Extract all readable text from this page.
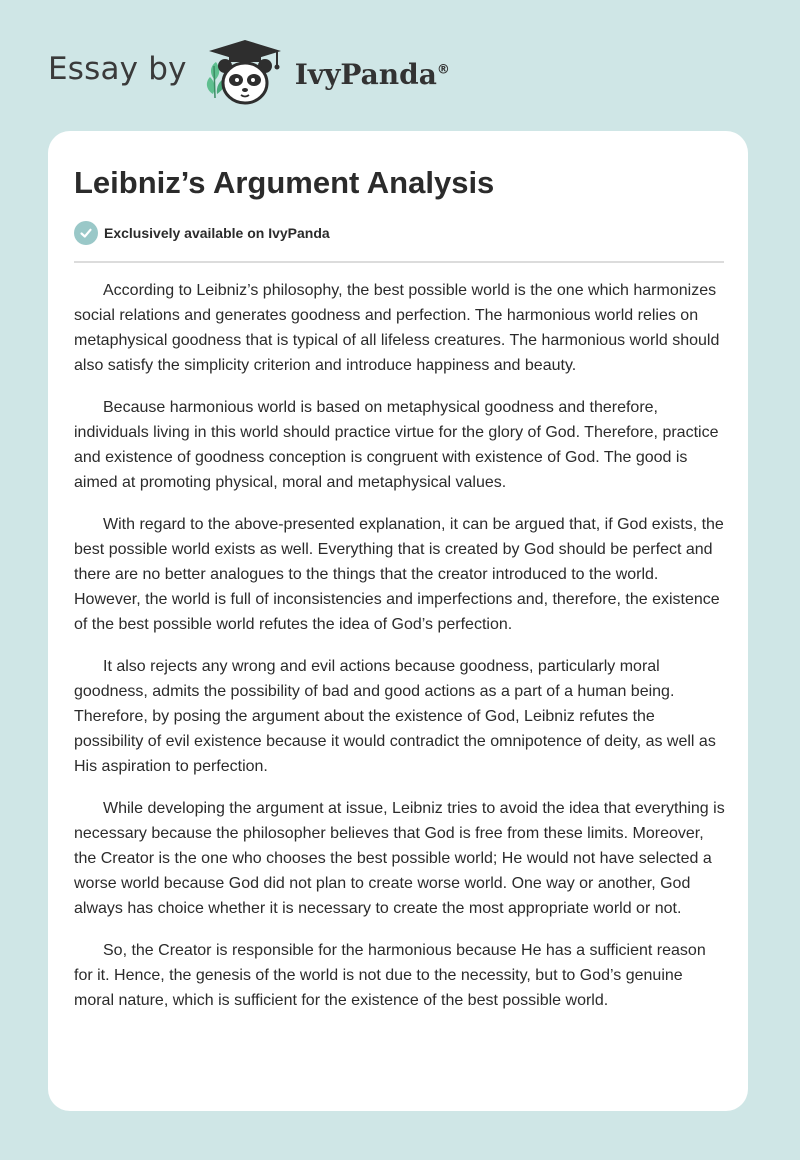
Essay by	IvyPanda®
Leibniz’s Argument Analysis
Exclusively available on IvyPanda

According to Leibniz’s philosophy, the best possible world is the one which harmonizes social relations and generates goodness and perfection. The harmonious world relies on metaphysical goodness that is typical of all lifeless creatures. The harmonious world should also satisfy the simplicity criterion and introduce happiness and beauty.

Because harmonious world is based on metaphysical goodness and therefore, individuals living in this world should practice virtue for the glory of God. Therefore, practice and existence of goodness conception is congruent with existence of God. The good is aimed at promoting physical, moral and metaphysical values.

With regard to the above-presented explanation, it can be argued that, if God exists, the best possible world exists as well. Everything that is created by God should be perfect and there are no better analogues to the things that the creator introduced to the world. However, the world is full of inconsistencies and imperfections and, therefore, the existence of the best possible world refutes the idea of God’s perfection.

It also rejects any wrong and evil actions because goodness, particularly moral goodness, admits the possibility of bad and good actions as a part of a human being. Therefore, by posing the argument about the existence of God, Leibniz refutes the possibility of evil existence because it would contradict the omnipotence of deity, as well as His aspiration to perfection.

While developing the argument at issue, Leibniz tries to avoid the idea that everything is necessary because the philosopher believes that God is free from these limits. Moreover, the Creator is the one who chooses the best possible world; He would not have selected a worse world because God did not plan to create worse world. One way or another, God always has choice whether it is necessary to create the most appropriate world or not.

So, the Creator is responsible for the harmonious because He has a sufficient reason for it. Hence, the genesis of the world is not due to the necessity, but to God’s genuine moral nature, which is sufficient for the existence of the best possible world.
